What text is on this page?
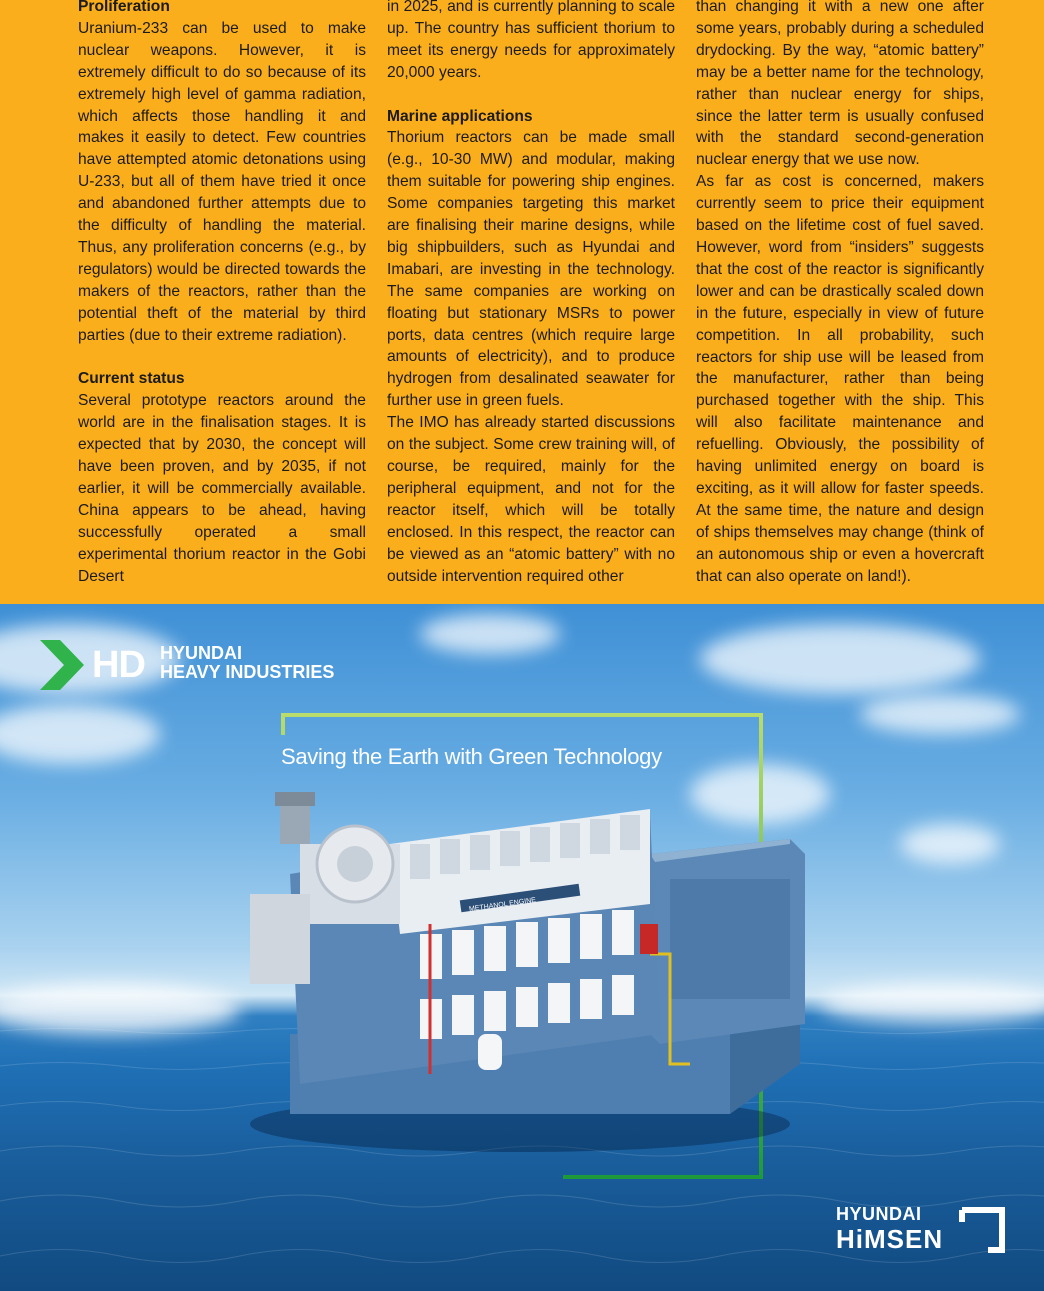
Proliferation

Uranium-233 can be used to make nuclear weapons. However, it is extremely difficult to do so because of its extremely high level of gamma radiation, which affects those handling it and makes it easily to detect. Few countries have attempted atomic detonations using U-233, but all of them have tried it once and abandoned further attempts due to the difficulty of handling the material. Thus, any proliferation concerns (e.g., by regulators) would be directed towards the makers of the reactors, rather than the potential theft of the material by third parties (due to their extreme radiation).

Current status

Several prototype reactors around the world are in the finalisation stages. It is expected that by 2030, the concept will have been proven, and by 2035, if not earlier, it will be commercially available. China appears to be ahead, having successfully operated a small experimental thorium reactor in the Gobi Desert

in 2025, and is currently planning to scale up. The country has sufficient thorium to meet its energy needs for approximately 20,000 years.

Marine applications

Thorium reactors can be made small (e.g., 10-30 MW) and modular, making them suitable for powering ship engines. Some companies targeting this market are finalising their marine designs, while big shipbuilders, such as Hyundai and Imabari, are investing in the technology. The same companies are working on floating but stationary MSRs to power ports, data centres (which require large amounts of electricity), and to produce hydrogen from desalinated seawater for further use in green fuels.

The IMO has already started discussions on the subject. Some crew training will, of course, be required, mainly for the peripheral equipment, and not for the reactor itself, which will be totally enclosed. In this respect, the reactor can be viewed as an “atomic battery” with no outside intervention required other

than changing it with a new one after some years, probably during a scheduled drydocking. By the way, “atomic battery” may be a better name for the technology, rather than nuclear energy for ships, since the latter term is usually confused with the standard second-generation nuclear energy that we use now.

As far as cost is concerned, makers currently seem to price their equipment based on the lifetime cost of fuel saved. However, word from “insiders” suggests that the cost of the reactor is significantly lower and can be drastically scaled down in the future, especially in view of future competition. In all probability, such reactors for ship use will be leased from the manufacturer, rather than being purchased together with the ship. This will also facilitate maintenance and refuelling. Obviously, the possibility of having unlimited energy on board is exciting, as it will allow for faster speeds. At the same time, the nature and design of ships themselves may change (think of an autonomous ship or even a hovercraft that can also operate on land!).

HD HYUNDAI
HEAVY INDUSTRIES
Saving the Earth with Green Technology
METHANOL ENGINE
HYUNDAI
HiMSEN
